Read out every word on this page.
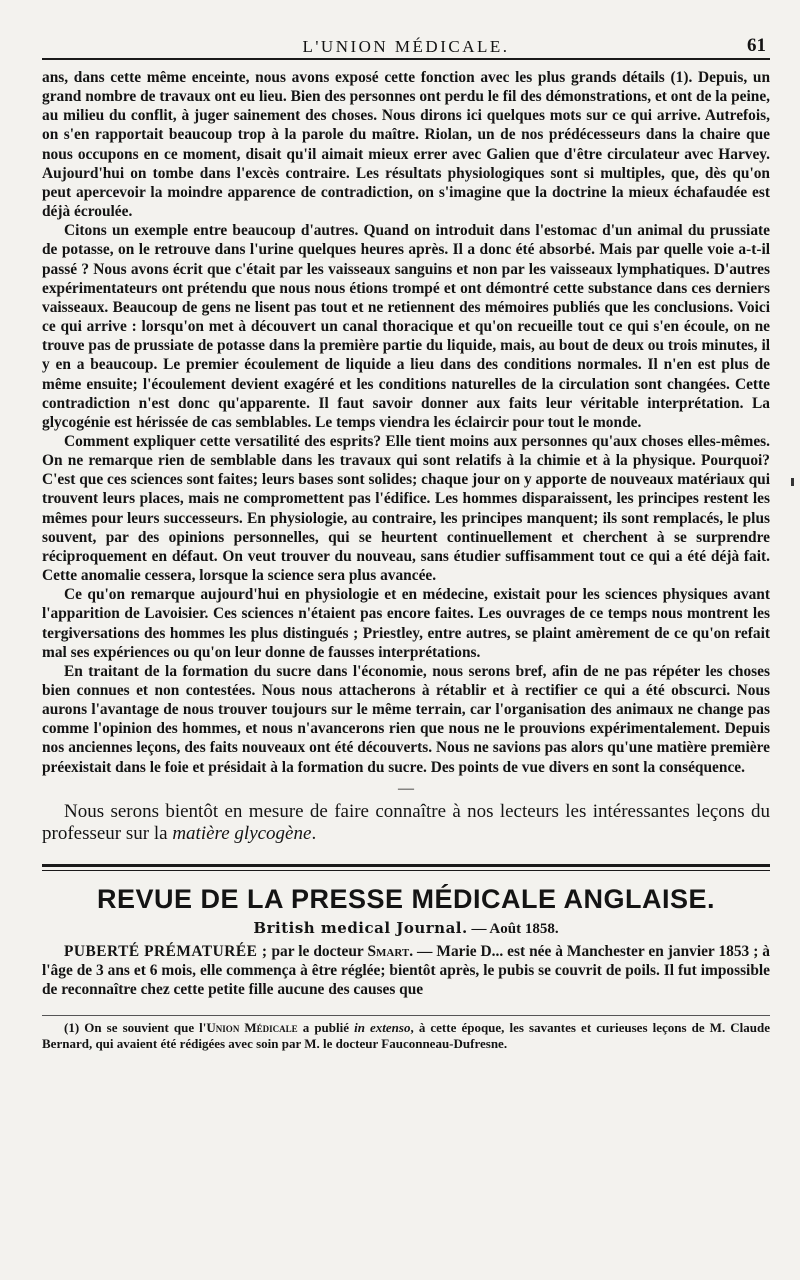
L'UNION MÉDICALE.	61

ans, dans cette même enceinte, nous avons exposé cette fonction avec les plus grands détails (1). Depuis, un grand nombre de travaux ont eu lieu. Bien des personnes ont perdu le fil des démonstrations, et ont de la peine, au milieu du conflit, à juger sainement des choses. Nous dirons ici quelques mots sur ce qui arrive. Autrefois, on s'en rapportait beaucoup trop à la parole du maître. Riolan, un de nos prédécesseurs dans la chaire que nous occupons en ce moment, disait qu'il aimait mieux errer avec Galien que d'être circulateur avec Harvey. Aujourd'hui on tombe dans l'excès contraire. Les résultats physiologiques sont si multiples, que, dès qu'on peut apercevoir la moindre apparence de contradiction, on s'imagine que la doctrine la mieux échafaudée est déjà écroulée.

Citons un exemple entre beaucoup d'autres. Quand on introduit dans l'estomac d'un animal du prussiate de potasse, on le retrouve dans l'urine quelques heures après. Il a donc été absorbé. Mais par quelle voie a-t-il passé ? Nous avons écrit que c'était par les vaisseaux sanguins et non par les vaisseaux lymphatiques. D'autres expérimentateurs ont prétendu que nous nous étions trompé et ont démontré cette substance dans ces derniers vaisseaux. Beaucoup de gens ne lisent pas tout et ne retiennent des mémoires publiés que les conclusions. Voici ce qui arrive : lorsqu'on met à découvert un canal thoracique et qu'on recueille tout ce qui s'en écoule, on ne trouve pas de prussiate de potasse dans la première partie du liquide, mais, au bout de deux ou trois minutes, il y en a beaucoup. Le premier écoulement de liquide a lieu dans des conditions normales. Il n'en est plus de même ensuite; l'écoulement devient exagéré et les conditions naturelles de la circulation sont changées. Cette contradiction n'est donc qu'apparente. Il faut savoir donner aux faits leur véritable interprétation. La glycogénie est hérissée de cas semblables. Le temps viendra les éclaircir pour tout le monde.

Comment expliquer cette versatilité des esprits? Elle tient moins aux personnes qu'aux choses elles-mêmes. On ne remarque rien de semblable dans les travaux qui sont relatifs à la chimie et à la physique. Pourquoi? C'est que ces sciences sont faites; leurs bases sont solides; chaque jour on y apporte de nouveaux matériaux qui trouvent leurs places, mais ne compromettent pas l'édifice. Les hommes disparaissent, les principes restent les mêmes pour leurs successeurs. En physiologie, au contraire, les principes manquent; ils sont remplacés, le plus souvent, par des opinions personnelles, qui se heurtent continuellement et cherchent à se surprendre réciproquement en défaut. On veut trouver du nouveau, sans étudier suffisamment tout ce qui a été déjà fait. Cette anomalie cessera, lorsque la science sera plus avancée.

Ce qu'on remarque aujourd'hui en physiologie et en médecine, existait pour les sciences physiques avant l'apparition de Lavoisier. Ces sciences n'étaient pas encore faites. Les ouvrages de ce temps nous montrent les tergiversations des hommes les plus distingués ; Priestley, entre autres, se plaint amèrement de ce qu'on refait mal ses expériences ou qu'on leur donne de fausses interprétations.

En traitant de la formation du sucre dans l'économie, nous serons bref, afin de ne pas répéter les choses bien connues et non contestées. Nous nous attacherons à rétablir et à rectifier ce qui a été obscurci. Nous aurons l'avantage de nous trouver toujours sur le même terrain, car l'organisation des animaux ne change pas comme l'opinion des hommes, et nous n'avancerons rien que nous ne le prouvions expérimentalement. Depuis nos anciennes leçons, des faits nouveaux ont été découverts. Nous ne savions pas alors qu'une matière première préexistait dans le foie et présidait à la formation du sucre. Des points de vue divers en sont la conséquence.

—

Nous serons bientôt en mesure de faire connaître à nos lecteurs les intéressantes leçons du professeur sur la matière glycogène.

REVUE DE LA PRESSE MÉDICALE ANGLAISE.
British medical Journal. — Août 1858.

PUBERTÉ PRÉMATURÉE ; par le docteur Smart. — Marie D... est née à Manchester en janvier 1853 ; à l'âge de 3 ans et 6 mois, elle commença à être réglée; bientôt après, le pubis se couvrit de poils. Il fut impossible de reconnaître chez cette petite fille aucune des causes que

(1) On se souvient que l'Union Médicale a publié in extenso, à cette époque, les savantes et curieuses leçons de M. Claude Bernard, qui avaient été rédigées avec soin par M. le docteur Fauconneau-Dufresne.
